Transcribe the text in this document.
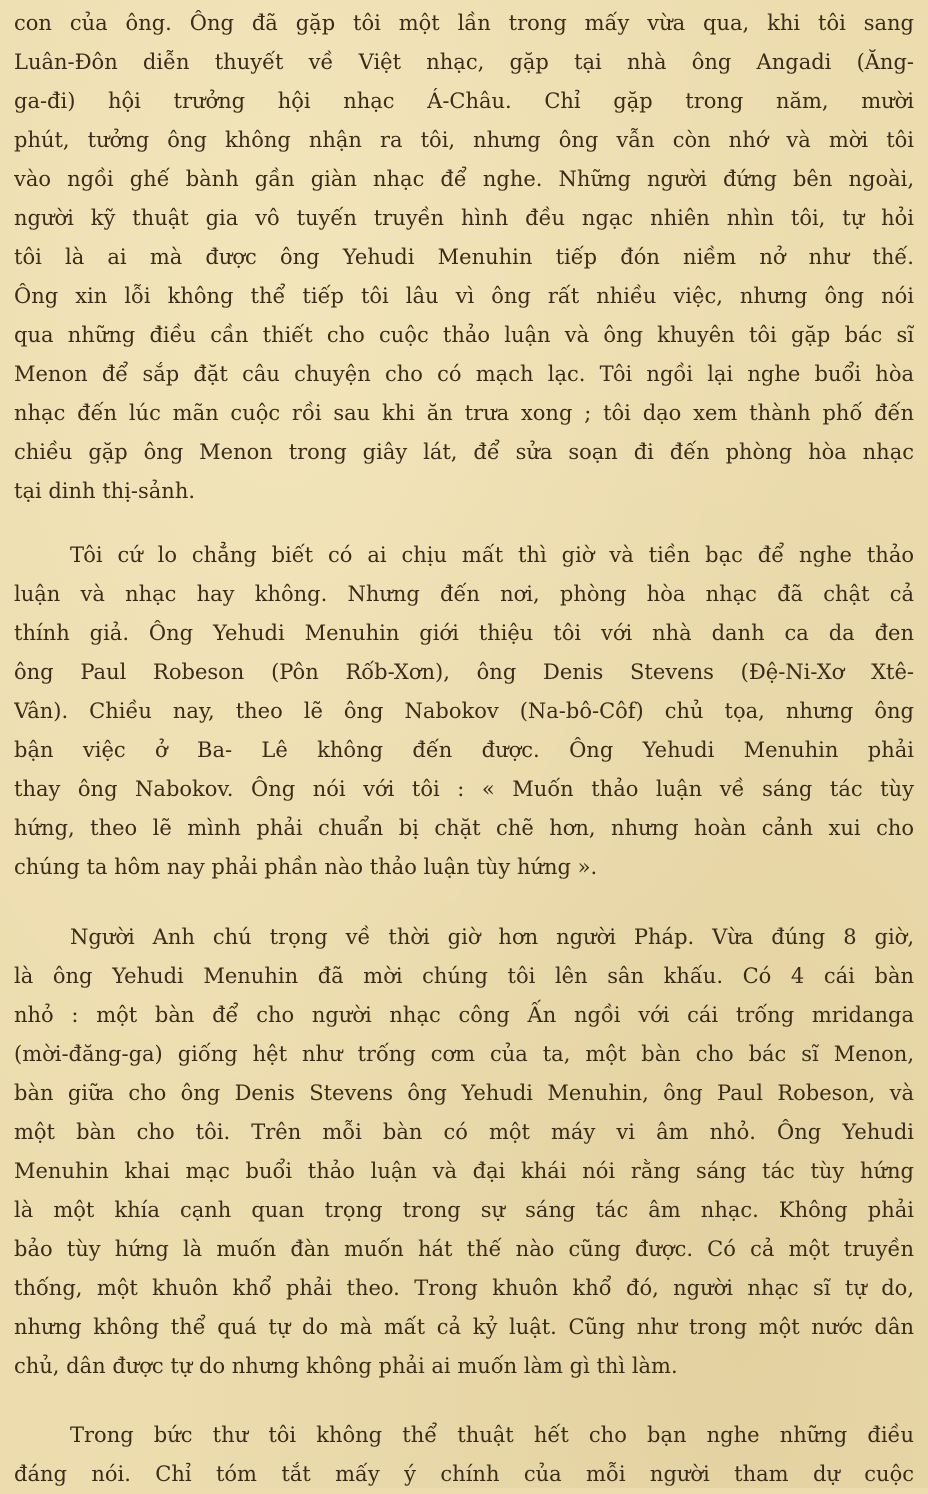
con của ông. Ông đã gặp tôi một lần trong mấy vừa qua, khi tôi sang
Luân-Đôn diễn thuyết về Việt nhạc, gặp tại nhà ông Angadi (Ăng-
ga-đi) hội trưởng hội nhạc Á-Châu. Chỉ gặp trong năm, mười
phút, tưởng ông không nhận ra tôi, nhưng ông vẫn còn nhớ và mời tôi
vào ngồi ghế bành gần giàn nhạc để nghe. Những người đứng bên ngoài,
người kỹ thuật gia vô tuyến truyền hình đều ngạc nhiên nhìn tôi, tự hỏi
tôi là ai mà được ông Yehudi Menuhin tiếp đón niềm nở như thế.
Ông xin lỗi không thể tiếp tôi lâu vì ông rất nhiều việc, nhưng ông nói
qua những điều cần thiết cho cuộc thảo luận và ông khuyên tôi gặp bác sĩ
Menon để sắp đặt câu chuyện cho có mạch lạc. Tôi ngồi lại nghe buổi hòa
nhạc đến lúc mãn cuộc rồi sau khi ăn trưa xong ; tôi dạo xem thành phố đến
chiều gặp ông Menon trong giây lát, để sửa soạn đi đến phòng hòa nhạc
tại dinh thị-sảnh.
Tôi cứ lo chẳng biết có ai chịu mất thì giờ và tiền bạc để nghe thảo
luận và nhạc hay không. Nhưng đến nơi, phòng hòa nhạc đã chật cả
thính giả. Ông Yehudi Menuhin giới thiệu tôi với nhà danh ca da đen
ông Paul Robeson (Pôn Rốb-Xơn), ông Denis Stevens (Đệ-Ni-Xơ Xtê-
Vân). Chiều nay, theo lẽ ông Nabokov (Na-bô-Côf) chủ tọa, nhưng ông
bận việc ở Ba- Lê không đến được. Ông Yehudi Menuhin phải
thay ông Nabokov. Ông nói với tôi : « Muốn thảo luận về sáng tác tùy
hứng, theo lẽ mình phải chuẩn bị chặt chẽ hơn, nhưng hoàn cảnh xui cho
chúng ta hôm nay phải phần nào thảo luận tùy hứng ».
Người Anh chú trọng về thời giờ hơn người Pháp. Vừa đúng 8 giờ,
là ông Yehudi Menuhin đã mời chúng tôi lên sân khấu. Có 4 cái bàn
nhỏ : một bàn để cho người nhạc công Ấn ngồi với cái trống mridanga
(mời-đăng-ga) giống hệt như trống cơm của ta, một bàn cho bác sĩ Menon,
bàn giữa cho ông Denis Stevens ông Yehudi Menuhin, ông Paul Robeson, và
một bàn cho tôi. Trên mỗi bàn có một máy vi âm nhỏ. Ông Yehudi
Menuhin khai mạc buổi thảo luận và đại khái nói rằng sáng tác tùy hứng
là một khía cạnh quan trọng trong sự sáng tác âm nhạc. Không phải
bảo tùy hứng là muốn đàn muốn hát thế nào cũng được. Có cả một truyền
thống, một khuôn khổ phải theo. Trong khuôn khổ đó, người nhạc sĩ tự do,
nhưng không thể quá tự do mà mất cả kỷ luật. Cũng như trong một nước dân
chủ, dân được tự do nhưng không phải ai muốn làm gì thì làm.
Trong bức thư tôi không thể thuật hết cho bạn nghe những điều
đáng nói. Chỉ tóm tắt mấy ý chính của mỗi người tham dự cuộc
